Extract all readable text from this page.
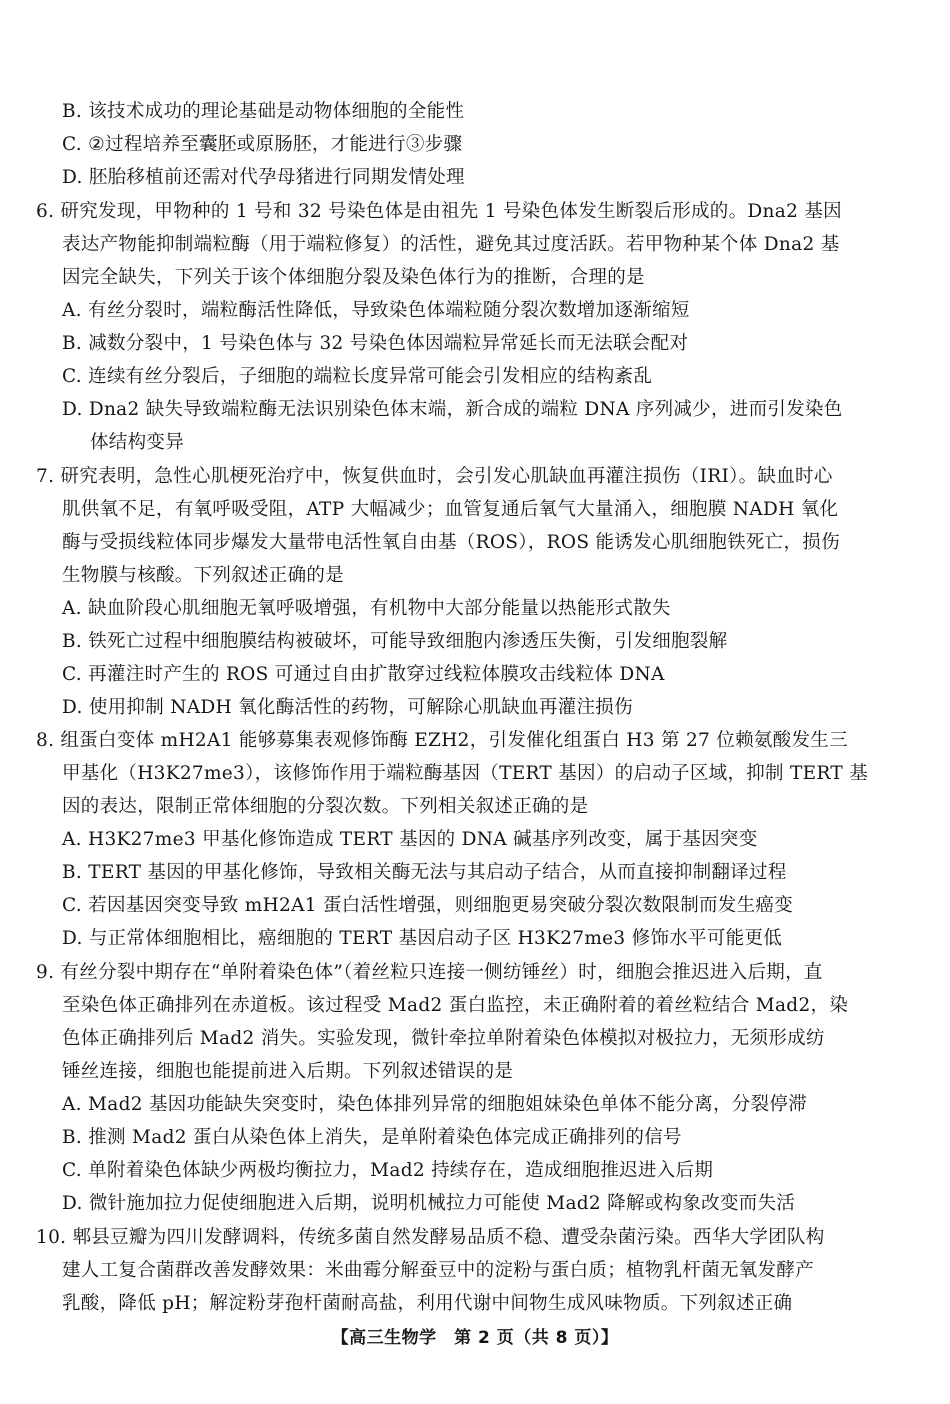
B. 该技术成功的理论基础是动物体细胞的全能性
C. ②过程培养至囊胚或原肠胚，才能进行③步骤
D. 胚胎移植前还需对代孕母猪进行同期发情处理
6. 研究发现，甲物种的 1 号和 32 号染色体是由祖先 1 号染色体发生断裂后形成的。Dna2 基因
表达产物能抑制端粒酶（用于端粒修复）的活性，避免其过度活跃。若甲物种某个体 Dna2 基
因完全缺失，下列关于该个体细胞分裂及染色体行为的推断，合理的是
A. 有丝分裂时，端粒酶活性降低，导致染色体端粒随分裂次数增加逐渐缩短
B. 减数分裂中，1 号染色体与 32 号染色体因端粒异常延长而无法联会配对
C. 连续有丝分裂后，子细胞的端粒长度异常可能会引发相应的结构紊乱
D. Dna2 缺失导致端粒酶无法识别染色体末端，新合成的端粒 DNA 序列减少，进而引发染色
体结构变异
7. 研究表明，急性心肌梗死治疗中，恢复供血时，会引发心肌缺血再灌注损伤（IRI）。缺血时心
肌供氧不足，有氧呼吸受阻，ATP 大幅减少；血管复通后氧气大量涌入，细胞膜 NADH 氧化
酶与受损线粒体同步爆发大量带电活性氧自由基（ROS），ROS 能诱发心肌细胞铁死亡，损伤
生物膜与核酸。下列叙述正确的是
A. 缺血阶段心肌细胞无氧呼吸增强，有机物中大部分能量以热能形式散失
B. 铁死亡过程中细胞膜结构被破坏，可能导致细胞内渗透压失衡，引发细胞裂解
C. 再灌注时产生的 ROS 可通过自由扩散穿过线粒体膜攻击线粒体 DNA
D. 使用抑制 NADH 氧化酶活性的药物，可解除心肌缺血再灌注损伤
8. 组蛋白变体 mH2A1 能够募集表观修饰酶 EZH2，引发催化组蛋白 H3 第 27 位赖氨酸发生三
甲基化（H3K27me3），该修饰作用于端粒酶基因（TERT 基因）的启动子区域，抑制 TERT 基
因的表达，限制正常体细胞的分裂次数。下列相关叙述正确的是
A. H3K27me3 甲基化修饰造成 TERT 基因的 DNA 碱基序列改变，属于基因突变
B. TERT 基因的甲基化修饰，导致相关酶无法与其启动子结合，从而直接抑制翻译过程
C. 若因基因突变导致 mH2A1 蛋白活性增强，则细胞更易突破分裂次数限制而发生癌变
D. 与正常体细胞相比，癌细胞的 TERT 基因启动子区 H3K27me3 修饰水平可能更低
9. 有丝分裂中期存在“单附着染色体”（着丝粒只连接一侧纺锤丝）时，细胞会推迟进入后期，直
至染色体正确排列在赤道板。该过程受 Mad2 蛋白监控，未正确附着的着丝粒结合 Mad2，染
色体正确排列后 Mad2 消失。实验发现，微针牵拉单附着染色体模拟对极拉力，无须形成纺
锤丝连接，细胞也能提前进入后期。下列叙述错误的是
A. Mad2 基因功能缺失突变时，染色体排列异常的细胞姐妹染色单体不能分离，分裂停滞
B. 推测 Mad2 蛋白从染色体上消失，是单附着染色体完成正确排列的信号
C. 单附着染色体缺少两极均衡拉力，Mad2 持续存在，造成细胞推迟进入后期
D. 微针施加拉力促使细胞进入后期，说明机械拉力可能使 Mad2 降解或构象改变而失活
10. 郫县豆瓣为四川发酵调料，传统多菌自然发酵易品质不稳、遭受杂菌污染。西华大学团队构
建人工复合菌群改善发酵效果：米曲霉分解蚕豆中的淀粉与蛋白质；植物乳杆菌无氧发酵产
乳酸，降低 pH；解淀粉芽孢杆菌耐高盐，利用代谢中间物生成风味物质。下列叙述正确
【高三生物学　第 2 页（共 8 页）】
